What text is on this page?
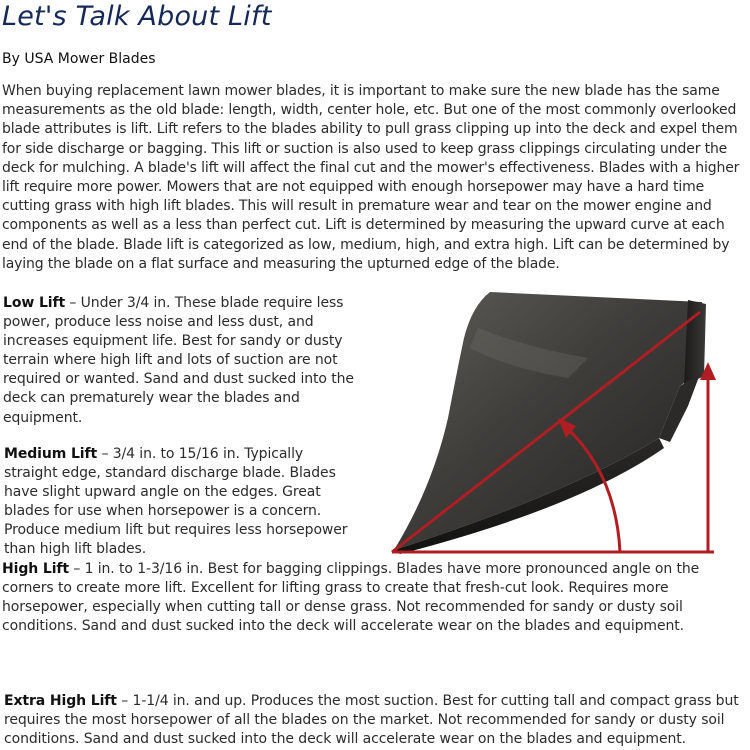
Let's Talk About Lift
By USA Mower Blades

When buying replacement lawn mower blades, it is important to make sure the new blade has the same measurements as the old blade: length, width, center hole, etc. But one of the most commonly overlooked blade attributes is lift. Lift refers to the blades ability to pull grass clipping up into the deck and expel them for side discharge or bagging. This lift or suction is also used to keep grass clippings circulating under the deck for mulching. A blade's lift will affect the final cut and the mower's effectiveness. Blades with a higher lift require more power. Mowers that are not equipped with enough horsepower may have a hard time cutting grass with high lift blades. This will result in premature wear and tear on the mower engine and components as well as a less than perfect cut. Lift is determined by measuring the upward curve at each end of the blade. Blade lift is categorized as low, medium, high, and extra high. Lift can be determined by laying the blade on a flat surface and measuring the upturned edge of the blade.

Low Lift – Under 3/4 in. These blade require less power, produce less noise and less dust, and increases equipment life. Best for sandy or dusty terrain where high lift and lots of suction are not required or wanted. Sand and dust sucked into the deck can prematurely wear the blades and equipment.

Medium Lift – 3/4 in. to 15/16 in. Typically straight edge, standard discharge blade. Blades have slight upward angle on the edges. Great blades for use when horsepower is a concern. Produce medium lift but requires less horsepower than high lift blades.

High Lift – 1 in. to 1-3/16 in. Best for bagging clippings. Blades have more pronounced angle on the corners to create more lift. Excellent for lifting grass to create that fresh-cut look. Requires more horsepower, especially when cutting tall or dense grass. Not recommended for sandy or dusty soil conditions. Sand and dust sucked into the deck will accelerate wear on the blades and equipment.

Extra High Lift – 1-1/4 in. and up. Produces the most suction. Best for cutting tall and compact grass but requires the most horsepower of all the blades on the market. Not recommended for sandy or dusty soil conditions. Sand and dust sucked into the deck will accelerate wear on the blades and equipment.
